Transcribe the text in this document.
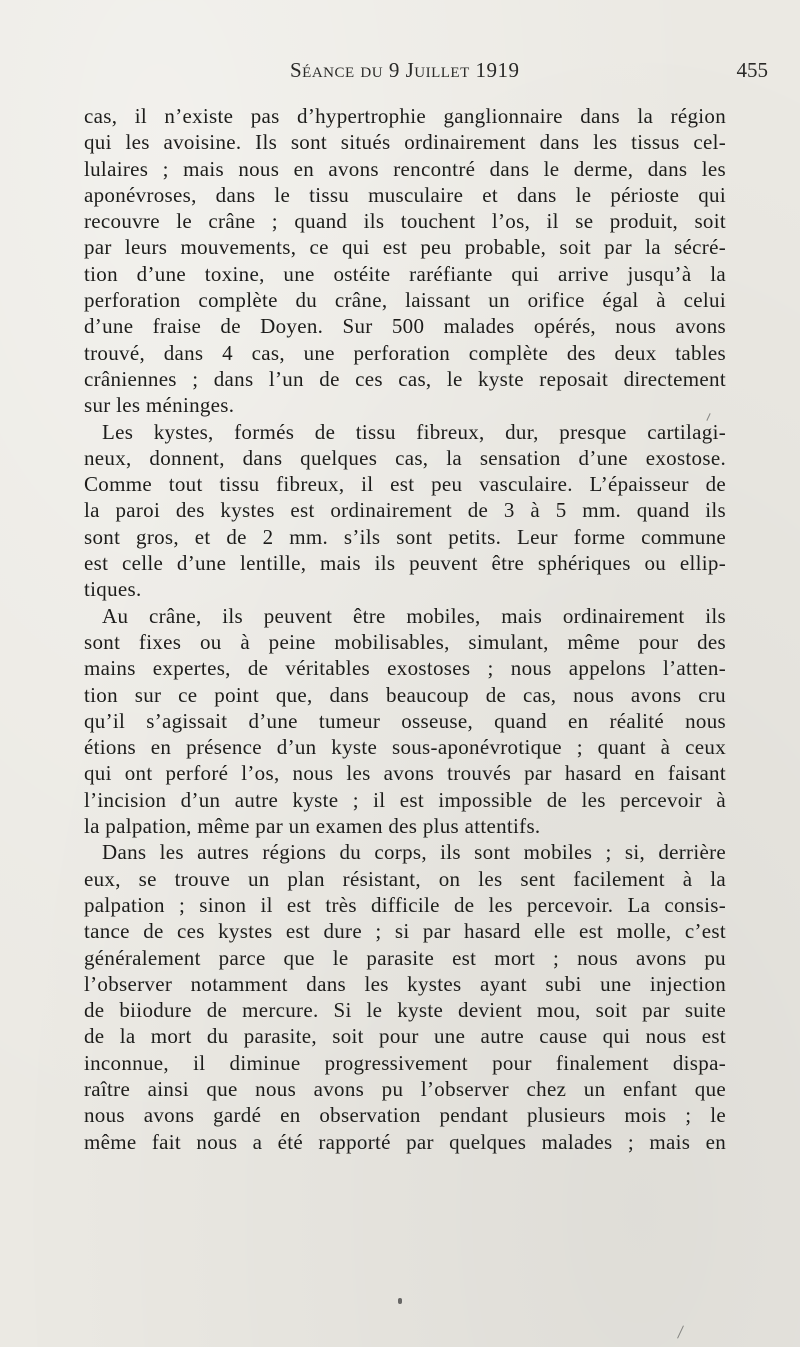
Séance du 9 Juillet 1919	455
cas, il n’existe pas d’hypertrophie ganglionnaire dans la région
qui les avoisine. Ils sont situés ordinairement dans les tissus cel-
lulaires ; mais nous en avons rencontré dans le derme, dans les
aponévroses, dans le tissu musculaire et dans le périoste qui
recouvre le crâne ; quand ils touchent l’os, il se produit, soit
par leurs mouvements, ce qui est peu probable, soit par la sécré-
tion d’une toxine, une ostéite raréfiante qui arrive jusqu’à la
perforation complète du crâne, laissant un orifice égal à celui
d’une fraise de Doyen. Sur 500 malades opérés, nous avons
trouvé, dans 4 cas, une perforation complète des deux tables
crâniennes ; dans l’un de ces cas, le kyste reposait directement
sur les méninges.
Les kystes, formés de tissu fibreux, dur, presque cartilagi-
neux, donnent, dans quelques cas, la sensation d’une exostose.
Comme tout tissu fibreux, il est peu vasculaire. L’épaisseur de
la paroi des kystes est ordinairement de 3 à 5 mm. quand ils
sont gros, et de 2 mm. s’ils sont petits. Leur forme commune
est celle d’une lentille, mais ils peuvent être sphériques ou ellip-
tiques.
Au crâne, ils peuvent être mobiles, mais ordinairement ils
sont fixes ou à peine mobilisables, simulant, même pour des
mains expertes, de véritables exostoses ; nous appelons l’atten-
tion sur ce point que, dans beaucoup de cas, nous avons cru
qu’il s’agissait d’une tumeur osseuse, quand en réalité nous
étions en présence d’un kyste sous-aponévrotique ; quant à ceux
qui ont perforé l’os, nous les avons trouvés par hasard en faisant
l’incision d’un autre kyste ; il est impossible de les percevoir à
la palpation, même par un examen des plus attentifs.
Dans les autres régions du corps, ils sont mobiles ; si, derrière
eux, se trouve un plan résistant, on les sent facilement à la
palpation ; sinon il est très difficile de les percevoir. La consis-
tance de ces kystes est dure ; si par hasard elle est molle, c’est
généralement parce que le parasite est mort ; nous avons pu
l’observer notamment dans les kystes ayant subi une injection
de biiodure de mercure. Si le kyste devient mou, soit par suite
de la mort du parasite, soit pour une autre cause qui nous est
inconnue, il diminue progressivement pour finalement dispa-
raître ainsi que nous avons pu l’observer chez un enfant que
nous avons gardé en observation pendant plusieurs mois ; le
même fait nous a été rapporté par quelques malades ; mais en
